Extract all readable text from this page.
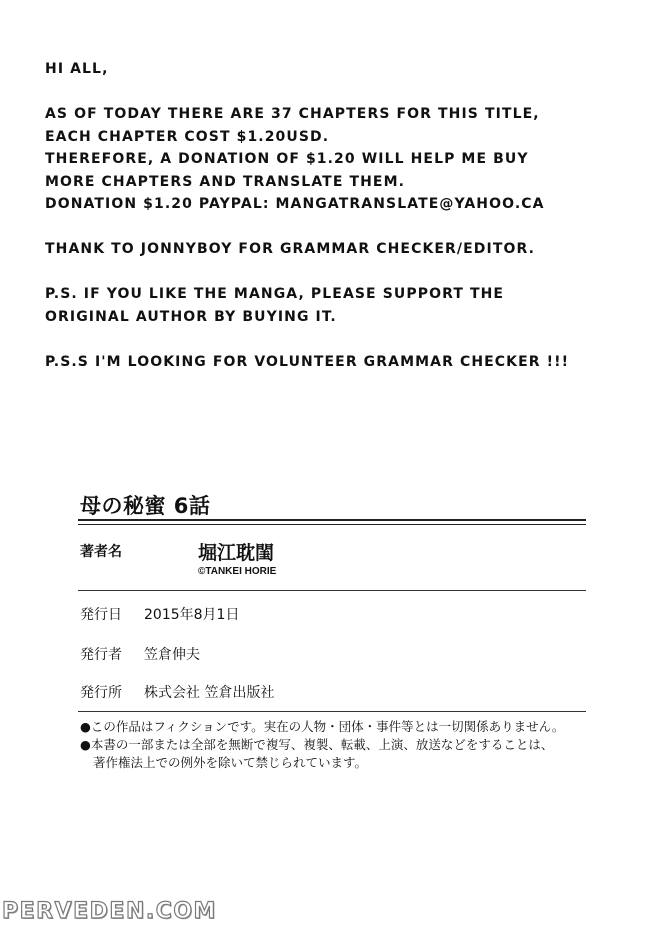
HI ALL,
AS OF TODAY THERE ARE 37 CHAPTERS FOR THIS TITLE,
EACH CHAPTER COST $1.20USD.
THEREFORE, A DONATION OF $1.20 WILL HELP ME BUY
MORE CHAPTERS AND TRANSLATE THEM.
DONATION $1.20 PAYPAL: MANGATRANSLATE@YAHOO.CA
THANK TO JONNYBOY FOR GRAMMAR CHECKER/EDITOR.
P.S. IF YOU LIKE THE MANGA, PLEASE SUPPORT THE
ORIGINAL AUTHOR BY BUYING IT.
P.S.S I'M LOOKING FOR VOLUNTEER GRAMMAR CHECKER !!!
母の秘蜜 6話
著者名	堀江耽閨
©TANKEI HORIE
発行日 2015年8月1日
発行者 笠倉伸夫
発行所 株式会社 笠倉出版社
●この作品はフィクションです。実在の人物・団体・事件等とは一切関係ありません。
●本書の一部または全部を無断で複写、複製、転載、上演、放送などをすることは、
著作権法上での例外を除いて禁じられています。
PERVEDEN.COM
